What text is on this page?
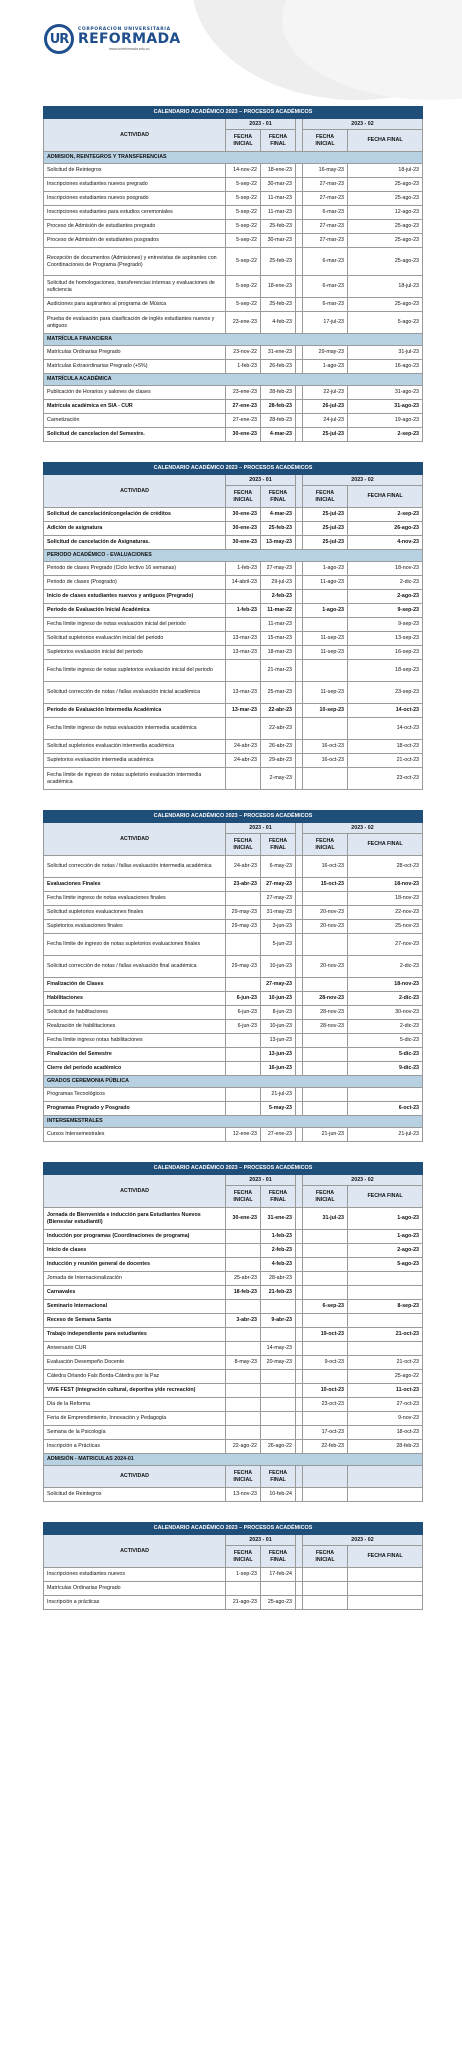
UR
CORPORACIÓN UNIVERSITARIA
REFORMADA
www.unireformada.edu.co
CALENDARIO ACADÉMICO 2023 – PROCESOS ACADÉMICOS					
ACTIVIDAD	2023 - 01			2023 - 02	
	FECHA INICIAL	FECHA FINAL		FECHA INICIAL	FECHA FINAL
ADMISION, REINTEGROS Y TRANSFERENCIAS					
Solicitud de Reintegros	14-nov-22	18-ene-23		16-may-23	18-jul-23
Inscripciones estudiantes nuevos pregrado	5-sep-22	30-mar-23		27-mar-23	25-ago-23
Inscripciones estudiantes nuevos posgrado	5-sep-22	11-mar-23		27-mar-23	25-ago-23
Inscripciones estudiantes para estudios ceremoniales	5-sep-22	11-mar-23		6-mar-23	12-ago-23
Proceso de Admisión de estudiantes pregrado	5-sep-22	25-feb-23		27-mar-23	25-ago-23
Proceso de Admisión de estudiantes posgrados	5-sep-22	30-mar-23		27-mar-23	25-ago-23
Recepción de documentos (Admisiones) y entrevistas de aspirantes con Coordinaciones de Programa (Pregrado)	5-sep-22	25-feb-23		6-mar-23	25-ago-23
Solicitud de homologaciones, transferencias internas y evaluaciones de suficiencia	5-sep-22	18-ene-23		6-mar-23	18-jul-23
Audiciones para aspirantes al programa de Música	5-sep-22	25-feb-23		6-mar-23	25-ago-23
Prueba de evaluación para clasificación de inglés estudiantes nuevos y antiguos	23-ene-23	4-feb-23		17-jul-23	5-ago-23
MATRÍCULA FINANCIERA					
Matrículas Ordinarias Pregrado	23-nov-22	31-ene-23		29-may-23	31-jul-23
Matrículas Extraordinarias Pregrado (+5%)	1-feb-23	26-feb-23		1-ago-23	16-ago-23
MATRÍCULA ACADÉMICA					
Publicación de Horarios y salones de clases	23-ene-23	28-feb-23		22-jul-23	31-ago-23
Matrícula académica en SIA - CUR	27-ene-23	28-feb-23		26-jul-23	31-ago-23
Carnetización	27-ene-23	28-feb-23		24-jul-23	19-ago-23
Solicitud de cancelacion del Semestre.	30-ene-23	4-mar-23		25-jul-23	2-sep-23
CALENDARIO ACADÉMICO 2023 – PROCESOS ACADÉMICOS					
ACTIVIDAD	2023 - 01			2023 - 02	
	FECHA INICIAL	FECHA FINAL		FECHA INICIAL	FECHA FINAL
Solicitud de cancelación/congelación de créditos	30-ene-23	4-mar-23		25-jul-23	2-sep-23
Adición de asignatura	30-ene-23	25-feb-23		25-jul-23	26-ago-23
Solicitud de cancelación de Asignaturas.	30-ene-23	13-may-23		25-jul-23	4-nov-23
PERIODO ACADÉMICO - EVALUACIONES					
Periodo de clases Pregrado (Ciclo lectivo 16 semanas)	1-feb-23	27-may-23		1-ago-23	18-nov-23
Periodo de clases (Posgrado)	14-abril-23	29-jul-23		11-ago-23	2-dic-23
Inicio de clases estudiantes nuevos y antiguos (Pregrado)		2-feb-23			2-ago-23
Periodo de Evaluación Inicial Académica	1-feb-23	11-mar-22		1-ago-23	9-sep-23
Fecha límite ingreso de notas evaluación inicial del periodo		11-mar-23			9-sep-23
Solicitud supletorios evaluación inicial del periodo	13-mar-23	15-mar-23		11-sep-23	13-sep-23
Supletorios evaluación inicial del periodo	13-mar-23	18-mar-23		11-sep-23	16-sep-23
Fecha límite ingreso de notas supletorios evaluación inicial del periodo		21-mar-23			18-sep-23
Solicitud corrección de notas / fallas evaluación inicial académica	13-mar-23	25-mar-23		11-sep-23	23-sep-23
Periodo de Evaluación Intermedia Académica	13-mar-23	22-abr-23		10-sep-23	14-oct-23
Fecha límite ingreso de notas evaluación intermedia académica		22-abr-23			14-oct-23
Solicitud supletorios evaluación intermedia académica	24-abr-23	26-abr-23		16-oct-23	18-oct-23
Supletorios evaluación intermedia académica	24-abr-23	29-abr-23		16-oct-23	21-oct-23
Fecha límite de ingreso de notas supletorio evaluación intermedia académica		2-may-23			23-oct-23
CALENDARIO ACADÉMICO 2023 – PROCESOS ACADÉMICOS					
ACTIVIDAD	2023 - 01			2023 - 02	
	FECHA INICIAL	FECHA FINAL		FECHA INICIAL	FECHA FINAL
Solicitud corrección de notas / fallas evaluación intermedia académica	24-abr-23	6-may-23		16-oct-23	28-oct-23
Evaluaciones Finales	23-abr-23	27-may-23		15-oct-23	18-nov-23
Fecha límite ingreso de notas evaluaciones finales		27-may-23			18-nov-23
Solicitud supletorios evaluaciones finales	29-may-23	31-may-23		20-nov-23	22-nov-23
Supletorios evaluaciones finales	29-may-23	3-jun-23		20-nov-23	25-nov-23
Fecha límite de ingreso de notas supletorios evaluaciones finales		5-jun-23			27-nov-23
Solicitud corrección de notas / fallas evaluación final académica	29-may-23	10-jun-23		20-nov-23	2-dic-23
Finalización de Clases		27-may-23			18-nov-23
Habilitaciones	6-jun-23	10-jun-23		28-nov-23	2-dic-23
Solicitud de habilitaciones	6-jun-23	8-jun-23		28-nov-23	30-nov-23
Realización de habilitaciones	6-jun-23	10-jun-23		28-nov-23	2-dic-23
Fecha límite ingreso notas habilitaciones		13-jun-23			5-dic-23
Finalización del Semestre		13-jun-23			5-dic-23
Cierre del periodo académico		16-jun-23			9-dic-23
GRADOS CEREMONIA PÚBLICA					
Programas Tecnológicos		21-jul-23			
Programas Pregrado y Posgrado		5-may-23			6-oct-23
INTERSEMESTRALES					
Cursos Intersemestrales	12-ene-23	27-ene-23		21-jun-23	21-jul-23
CALENDARIO ACADÉMICO 2023 – PROCESOS ACADÉMICOS					
ACTIVIDAD	2023 - 01			2023 - 02	
	FECHA INICIAL	FECHA FINAL		FECHA INICIAL	FECHA FINAL
Jornada de Bienvenida e inducción para Estudiantes Nuevos (Bienestar estudiantil)	30-ene-23	31-ene-23		31-jul-23	1-ago-23
Inducción por programas (Coordinaciones de programa)		1-feb-23			1-ago-23
Inicio de clases		2-feb-23			2-ago-23
Inducción y reunión general de docentes		4-feb-23			5-ago-23
Jornada de Internacionalización	25-abr-23	28-abr-23			
Carnavales	18-feb-23	21-feb-23			
Seminario Internacional				6-sep-23	8-sep-23
Receso de Semana Santa	3-abr-23	9-abr-23			
Trabajo independiente para estudiantes				19-oct-23	21-oct-23
Aniversario CUR		14-may-23			
Evaluación Desempeño Docente	8-may-23	20-may-23		9-oct-23	21-oct-23
Cátedra Orlando Fals Borda-Cátedra por la Paz					25-ago-22
VIVE FEST (Integración cultural, deportiva y/de recreación)				10-oct-23	11-oct-23
Día de la Reforma				23-oct-23	27-oct-23
Feria de Emprendimiento, Innovación y Pedagogía					9-nov-23
Semana de la Psicología				17-oct-23	18-oct-23
Inscripción a Prácticas	22-ago-22	26-ago-22		22-feb-23	28-feb-23
ADMISIÓN - MATRICULAS 2024-01					
ACTIVIDAD	FECHA INICIAL	FECHA FINAL			
Solicitud de Reintegros	13-nov-23	10-feb-24			
CALENDARIO ACADÉMICO 2023 – PROCESOS ACADÉMICOS					
ACTIVIDAD	2023 - 01			2023 - 02	
	FECHA INICIAL	FECHA FINAL		FECHA INICIAL	FECHA FINAL
Inscripciones estudiantes nuevos	1-sep-23	17-feb-24			
Matrículas Ordinarias Pregrado					
Inscripción a prácticas	21-ago-23	25-ago-23			
